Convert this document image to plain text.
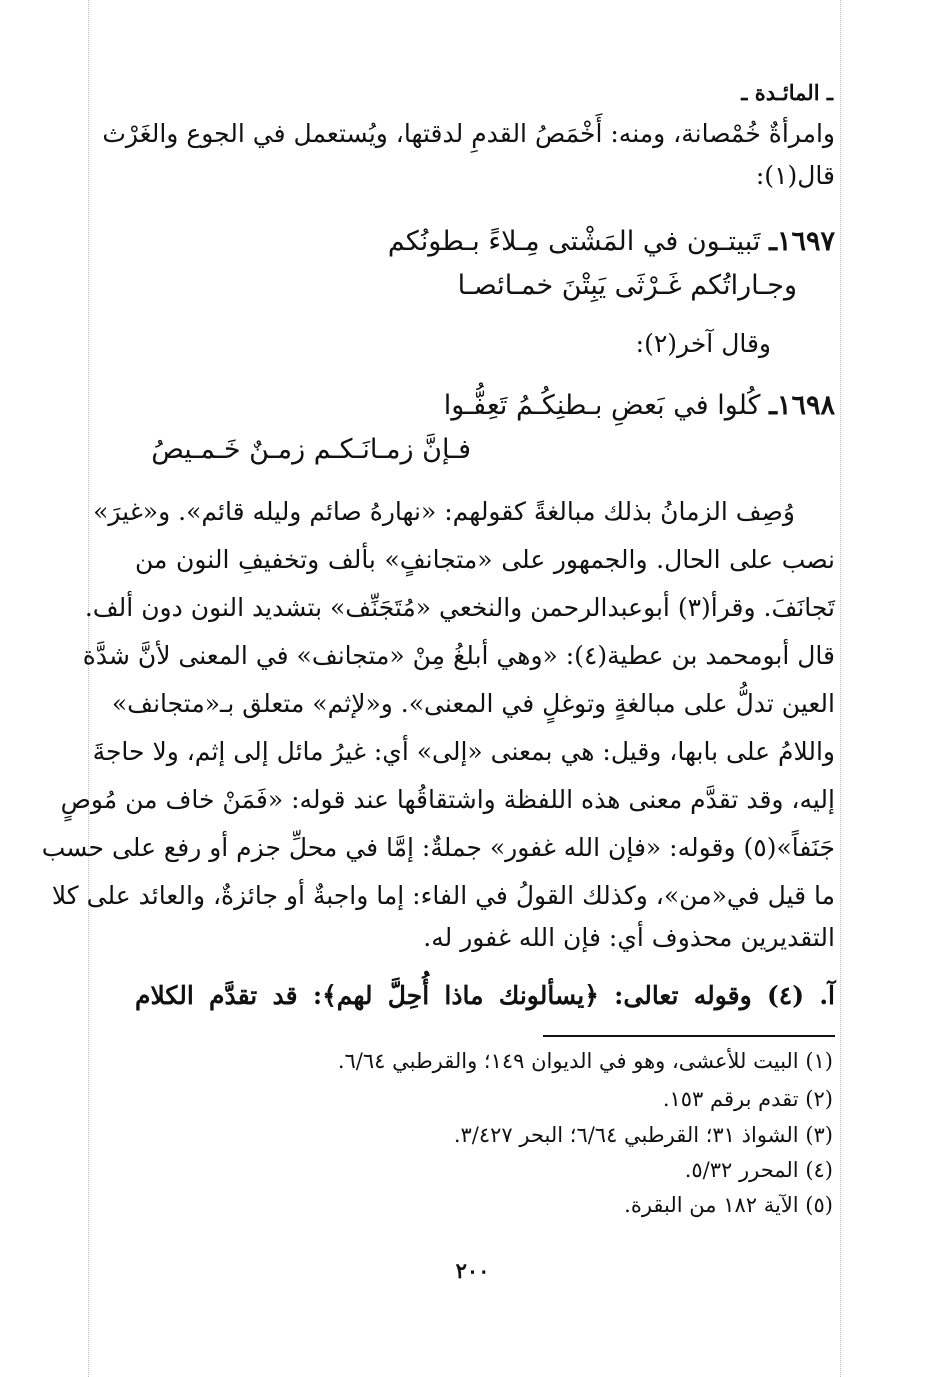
ـ المائـدة ـ
وامرأةٌ خُمْصانة، ومنه: أَخْمَصُ القدمِ لدقتها، ويُستعمل في الجوع والغَرْث
قال(١):
١٦٩٧ـ تَبيتـون في المَشْتى مِـلاءً بـطونُكم
وجـاراتُكم غَـرْثَى يَبِتْنَ خمـائصـا
وقال آخر(٢):
١٦٩٨ـ كُلوا في بَعضِ بـطنِكُـمُ تَعِفُّـوا
فـإنَّ زمـانَـكـم زمـنٌ خَـمـيصُ
وُصِف الزمانُ بذلك مبالغةً كقولهم: «نهارهُ صائم وليله قائم». و«غيرَ»
نصب على الحال. والجمهور على «متجانفٍ» بألف وتخفيفِ النون من
تَجانَفَ. وقرأ(٣) أبوعبدالرحمن والنخعي «مُتَجَنِّف» بتشديد النون دون ألف.
قال أبومحمد بن عطية(٤): «وهي أبلغُ مِنْ «متجانف» في المعنى لأنَّ شدَّة
العين تدلُّ على مبالغةٍ وتوغلٍ في المعنى». و«لإثم» متعلق بـ«متجانف»
واللامُ على بابها، وقيل: هي بمعنى «إلى» أي: غيرُ مائل إلى إثم، ولا حاجةَ
إليه، وقد تقدَّم معنى هذه اللفظة واشتقاقُها عند قوله: «فَمَنْ خاف من مُوصٍ
جَنَفاً»(٥) وقوله: «فإن الله غفور» جملةٌ: إمَّا في محلِّ جزم أو رفع على حسب
ما قيل في«من»، وكذلك القولُ في الفاء: إما واجبةٌ أو جائزةٌ، والعائد على كلا
التقديرين محذوف أي: فإن الله غفور له.
آ. (٤) وقوله تعالى: ﴿يسألونك ماذا أُحِلَّ لهم﴾: قد تقدَّم الكلام
(١) البيت للأعشى، وهو في الديوان ١٤٩؛ والقرطبي ٦/٦٤.
(٢) تقدم برقم ١٥٣.
(٣) الشواذ ٣١؛ القرطبي ٦/٦٤؛ البحر ٣/٤٢٧.
(٤) المحرر ٥/٣٢.
(٥) الآية ١٨٢ من البقرة.
٢٠٠
